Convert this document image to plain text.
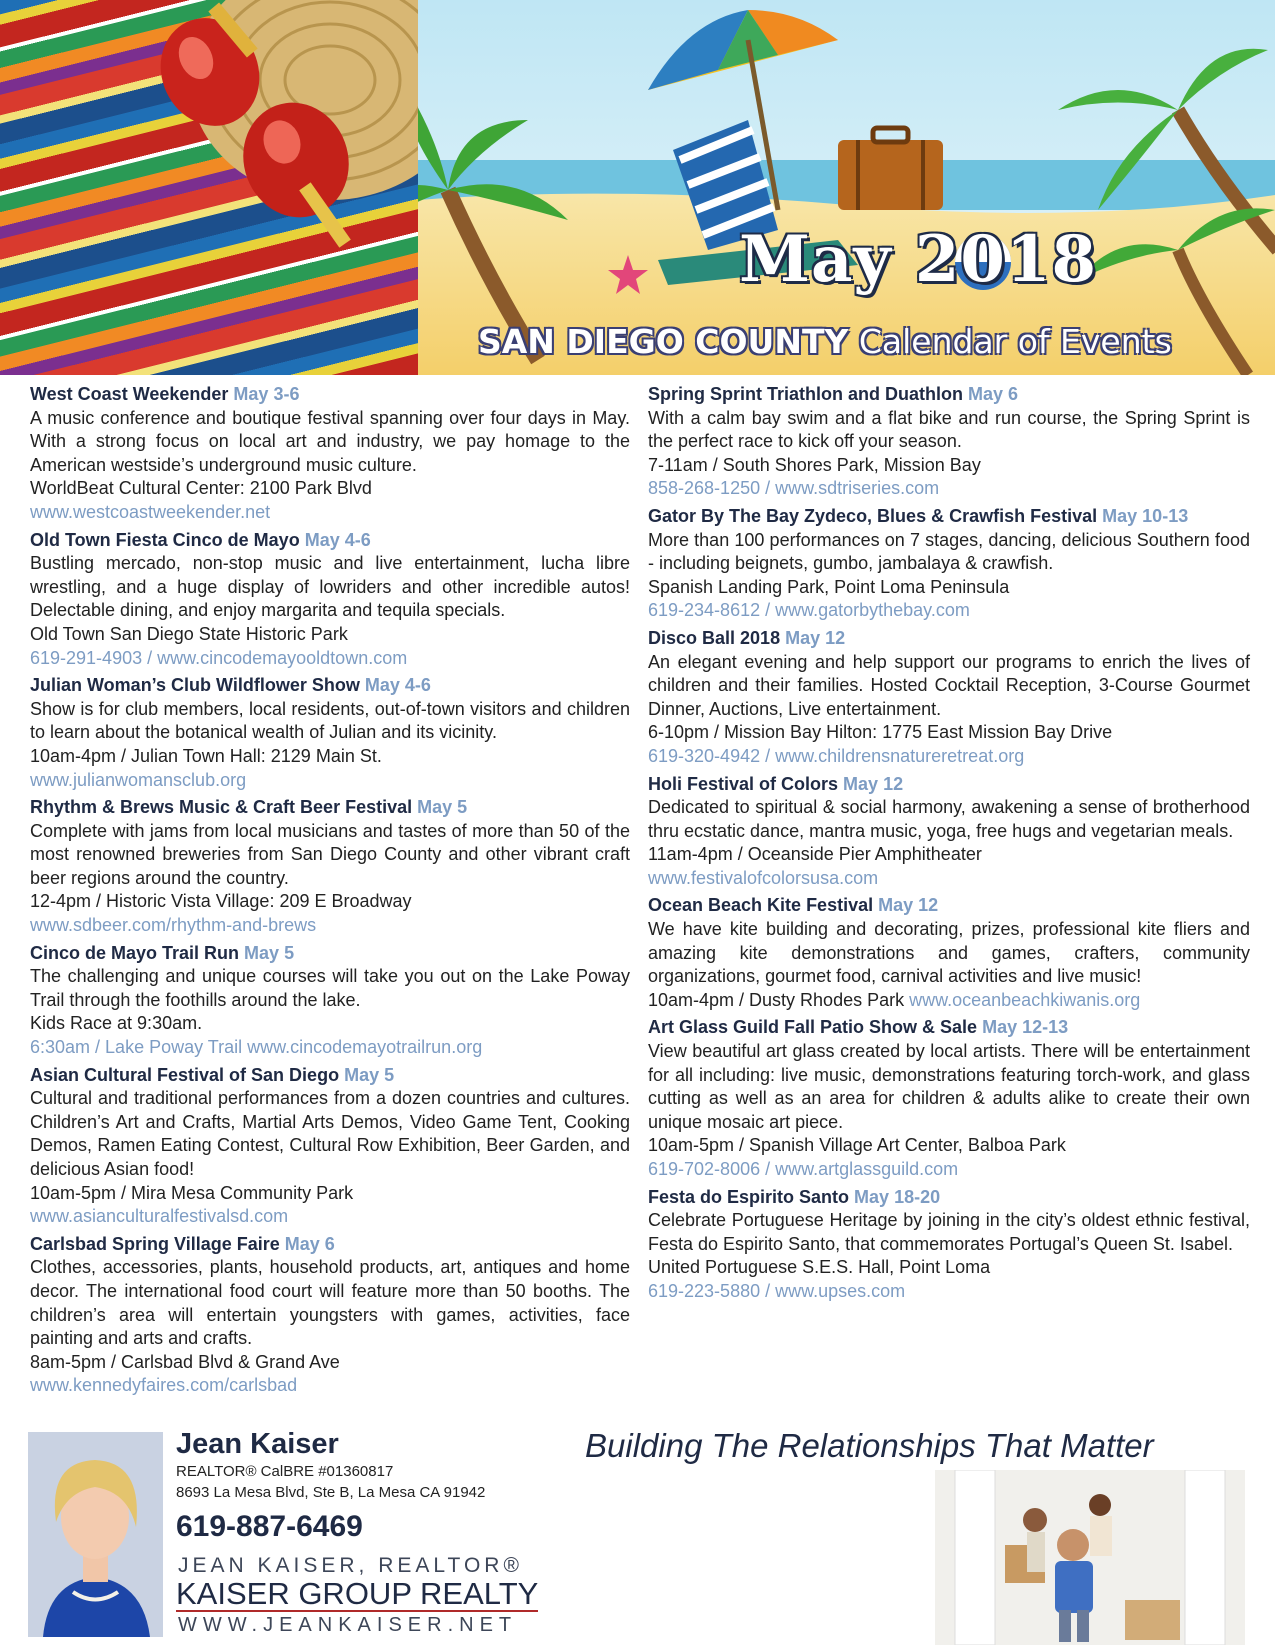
May 2018
SAN DIEGO COUNTY Calendar of Events
West Coast Weekender May 3-6
A music conference and boutique festival spanning over four days in May. With a strong focus on local art and industry, we pay homage to the American westside’s underground music culture.
WorldBeat Cultural Center: 2100 Park Blvd
www.westcoastweekender.net
Old Town Fiesta Cinco de Mayo May 4-6
Bustling mercado, non-stop music and live entertainment, lucha libre wrestling, and a huge display of lowriders and other incredible autos! Delectable dining, and enjoy margarita and tequila specials.
Old Town San Diego State Historic Park
619-291-4903 / www.cincodemayooldtown.com
Julian Woman’s Club Wildflower Show May 4-6
Show is for club members, local residents, out-of-town visitors and children to learn about the botanical wealth of Julian and its vicinity.
10am-4pm / Julian Town Hall: 2129 Main St.
www.julianwomansclub.org
Rhythm & Brews Music & Craft Beer Festival May 5
Complete with jams from local musicians and tastes of more than 50 of the most renowned breweries from San Diego County and other vibrant craft beer regions around the country.
12-4pm / Historic Vista Village: 209 E Broadway
www.sdbeer.com/rhythm-and-brews
Cinco de Mayo Trail Run May 5
The challenging and unique courses will take you out on the Lake Poway Trail through the foothills around the lake.
Kids Race at 9:30am.
6:30am / Lake Poway Trail www.cincodemayotrailrun.org
Asian Cultural Festival of San Diego May 5
Cultural and traditional performances from a dozen countries and cultures. Children’s Art and Crafts, Martial Arts Demos, Video Game Tent, Cooking Demos, Ramen Eating Contest, Cultural Row Exhibition, Beer Garden, and delicious Asian food!
10am-5pm / Mira Mesa Community Park
www.asianculturalfestivalsd.com
Carlsbad Spring Village Faire May 6
Clothes, accessories, plants, household products, art, antiques and home decor. The international food court will feature more than 50 booths. The children’s area will entertain youngsters with games, activities, face painting and arts and crafts.
8am-5pm / Carlsbad Blvd & Grand Ave
www.kennedyfaires.com/carlsbad
Spring Sprint Triathlon and Duathlon May 6
With a calm bay swim and a flat bike and run course, the Spring Sprint is the perfect race to kick off your season.
7-11am / South Shores Park, Mission Bay
858-268-1250 / www.sdtriseries.com
Gator By The Bay Zydeco, Blues & Crawfish Festival May 10-13
More than 100 performances on 7 stages, dancing, delicious Southern food - including beignets, gumbo, jambalaya & crawfish.
Spanish Landing Park, Point Loma Peninsula
619-234-8612 / www.gatorbythebay.com
Disco Ball 2018 May 12
An elegant evening and help support our programs to enrich the lives of children and their families. Hosted Cocktail Reception, 3-Course Gourmet Dinner, Auctions, Live entertainment.
6-10pm / Mission Bay Hilton: 1775 East Mission Bay Drive
619-320-4942 / www.childrensnatureretreat.org
Holi Festival of Colors May 12
Dedicated to spiritual & social harmony, awakening a sense of brotherhood thru ecstatic dance, mantra music, yoga, free hugs and vegetarian meals.
11am-4pm / Oceanside Pier Amphitheater
www.festivalofcolorsusa.com
Ocean Beach Kite Festival May 12
We have kite building and decorating, prizes, professional kite fliers and amazing kite demonstrations and games, crafters, community organizations, gourmet food, carnival activities and live music!
10am-4pm / Dusty Rhodes Park www.oceanbeachkiwanis.org
Art Glass Guild Fall Patio Show & Sale May 12-13
View beautiful art glass created by local artists. There will be entertainment for all including: live music, demonstrations featuring torch-work, and glass cutting as well as an area for children & adults alike to create their own unique mosaic art piece.
10am-5pm / Spanish Village Art Center, Balboa Park
619-702-8006 / www.artglassguild.com
Festa do Espirito Santo May 18-20
Celebrate Portuguese Heritage by joining in the city’s oldest ethnic festival, Festa do Espirito Santo, that commemorates Portugal’s Queen St. Isabel.
United Portuguese S.E.S. Hall, Point Loma
619-223-5880 / www.upses.com
Jean Kaiser
REALTOR® CalBRE #01360817
8693 La Mesa Blvd, Ste B, La Mesa CA 91942
619-887-6469
JEAN KAISER, REALTOR®
KAISER GROUP REALTY
WWW.JEANKAISER.NET
Building The Relationships That Matter
